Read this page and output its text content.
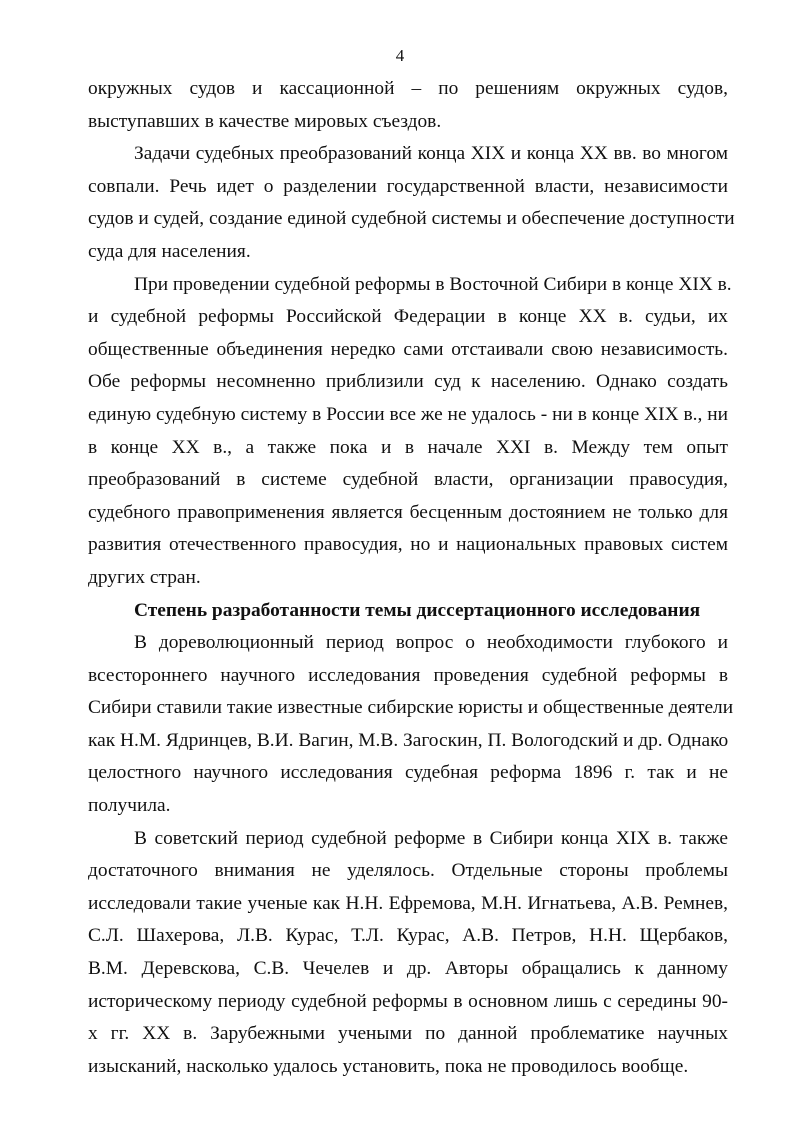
4
окружных судов и кассационной – по решениям окружных судов,
выступавших в качестве мировых съездов.
Задачи судебных преобразований конца XIX и конца XX вв. во многом
совпали. Речь идет о разделении государственной власти, независимости
судов и судей, создание единой судебной системы и обеспечение доступности
суда для населения.
При проведении судебной реформы в Восточной Сибири в конце XIX в.
и судебной реформы Российской Федерации в конце XX в. судьи, их
общественные объединения нередко сами отстаивали свою независимость.
Обе реформы несомненно приблизили суд к населению. Однако создать
единую судебную систему в России все же не удалось - ни в конце XIX в., ни
в конце XX в., а также пока и в начале XXI в. Между тем опыт
преобразований в системе судебной власти, организации правосудия,
судебного правоприменения является бесценным достоянием не только для
развития отечественного правосудия, но и национальных правовых систем
других стран.
Степень разработанности темы диссертационного исследования
В дореволюционный период вопрос о необходимости глубокого и
всестороннего научного исследования проведения судебной реформы в
Сибири ставили такие известные сибирские юристы и общественные деятели
как Н.М. Ядринцев, В.И. Вагин, М.В. Загоскин, П. Вологодский и др. Однако
целостного научного исследования судебная реформа 1896 г. так и не
получила.
В советский период судебной реформе в Сибири конца XIX в. также
достаточного внимания не уделялось. Отдельные стороны проблемы
исследовали такие ученые как Н.Н. Ефремова, М.Н. Игнатьева, А.В. Ремнев,
С.Л. Шахерова, Л.В. Курас, Т.Л. Курас, А.В. Петров, Н.Н. Щербаков,
В.М. Деревскова, С.В. Чечелев и др. Авторы обращались к данному
историческому периоду судебной реформы в основном лишь с середины 90-
х гг. XX в. Зарубежными учеными по данной проблематике научных
изысканий, насколько удалось установить, пока не проводилось вообще.
